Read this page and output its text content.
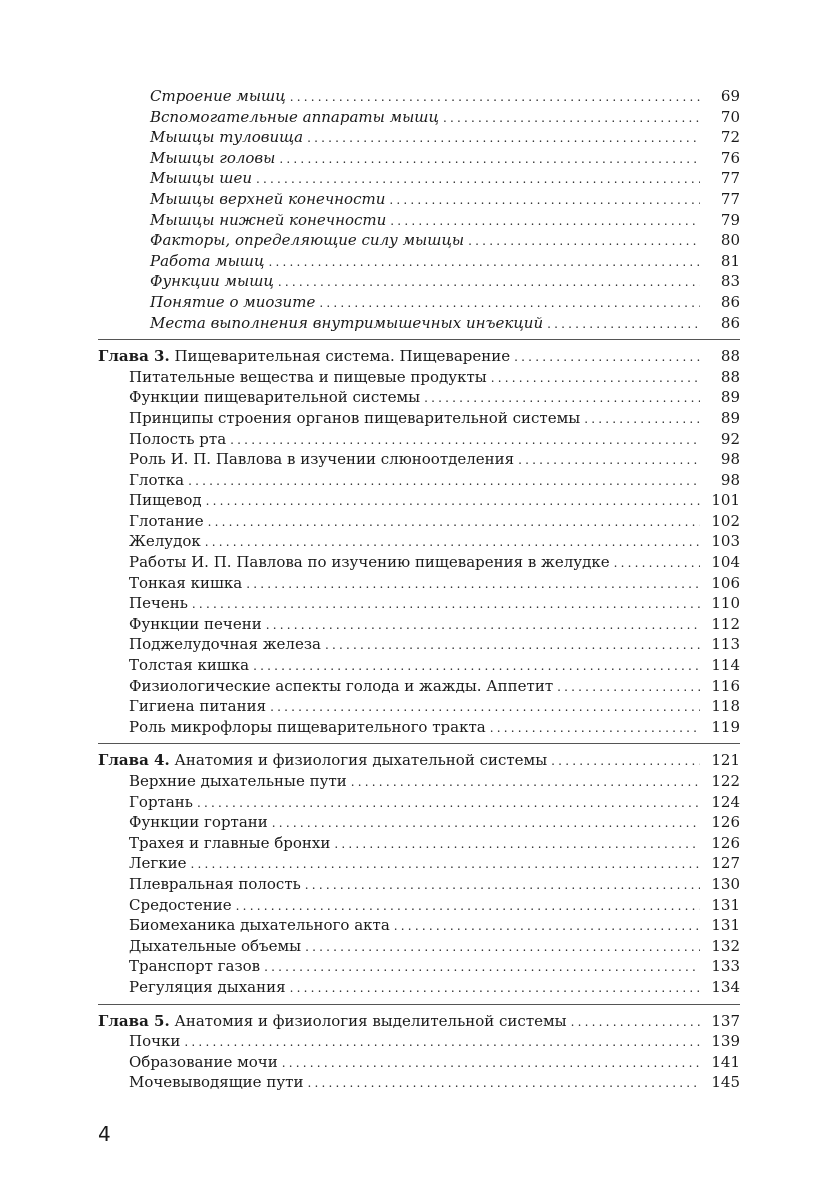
Строение мышц .....	69
Вспомогательные аппараты мышц .....	70
Мышцы туловища .....	72
Мышцы головы .....	76
Мышцы шеи .....	77
Мышцы верхней конечности .....	77
Мышцы нижней конечности .....	79
Факторы, определяющие силу мышцы .....	80
Работа мышц .....	81
Функции мышц .....	83
Понятие о миозите .....	86
Места выполнения внутримышечных инъекций .....	86
Глава 3. Пищеварительная система. Пищеварение .....	88
Питательные вещества и пищевые продукты .....	88
Функции пищеварительной системы .....	89
Принципы строения органов пищеварительной системы .....	89
Полость рта .....	92
Роль И. П. Павлова в изучении слюноотделения .....	98
Глотка .....	98
Пищевод .....	101
Глотание .....	102
Желудок .....	103
Работы И. П. Павлова по изучению пищеварения в желудке .....	104
Тонкая кишка .....	106
Печень .....	110
Функции печени .....	112
Поджелудочная железа .....	113
Толстая кишка .....	114
Физиологические аспекты голода и жажды. Аппетит .....	116
Гигиена питания .....	118
Роль микрофлоры пищеварительного тракта .....	119
Глава 4. Анатомия и физиология дыхательной системы .....	121
Верхние дыхательные пути .....	122
Гортань .....	124
Функции гортани .....	126
Трахея и главные бронхи .....	126
Легкие .....	127
Плевральная полость .....	130
Средостение .....	131
Биомеханика дыхательного акта .....	131
Дыхательные объемы .....	132
Транспорт газов .....	133
Регуляция дыхания .....	134
Глава 5. Анатомия и физиология выделительной системы .....	137
Почки .....	139
Образование мочи .....	141
Мочевыводящие пути .....	145
4
